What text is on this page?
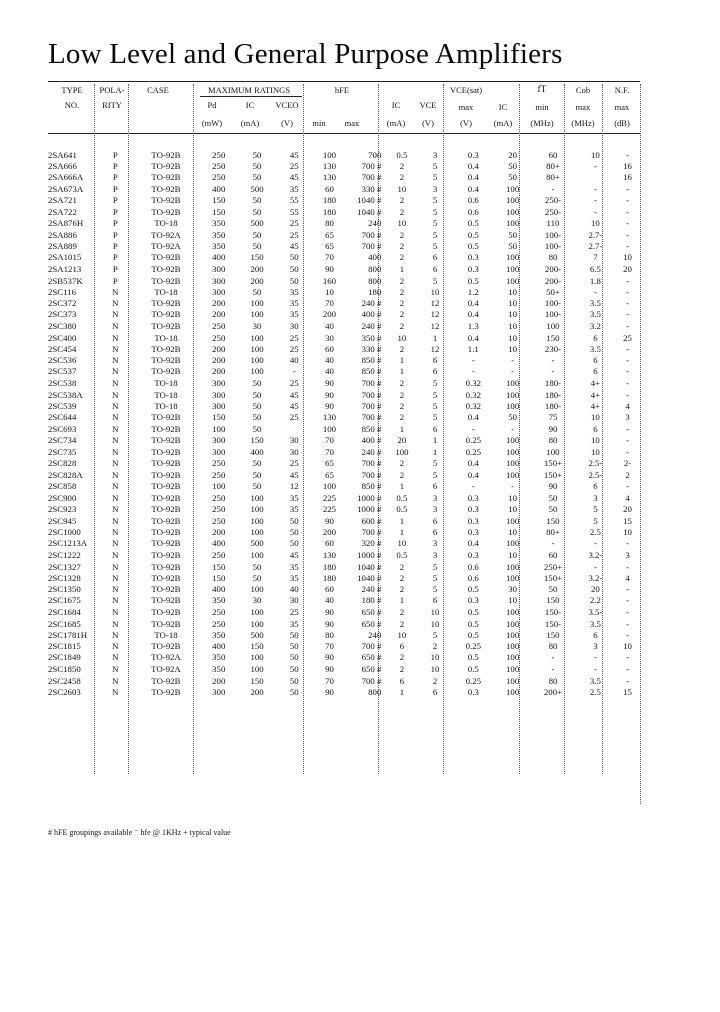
Low Level and General Purpose Amplifiers
TYPE
NO.
POLA-
RITY
CASE	MAXIMUM RATINGS
Pd
(mW)
IC
(mA)
VCEO
(V)
hFE
min	max
IC
(mA)
VCE
(V)
VCE(sat)
max
(V)
IC
(mA)
fT
min
(MHz)
Cob
max
(MHz)
N.F.
max
(dB)
2SA641	P	TO-92B	250	50	45	100	700	0.5	3	0.3	20	60	10	-
2SA666	P	TO-92B	250	50	25	130	700 #	2	5	0.4	50	80+	-	16
2SA666A	P	TO-92B	250	50	45	130	700 #	2	5	0.4	50	80+		16
2SA673A	P	TO-92B	400	500	35	60	330 #	10	3	0.4	100	-	-	-
2SA721	P	TO-92B	150	50	55	180	1040 #	2	5	0.6	100	250-	-	-
2SA722	P	TO-92B	150	50	55	180	1040 #	2	5	0.6	100	250-	-	-
2SA876H	P	TO-18	350	500	25	80	240	10	5	0.5	100	110	10	-
2SA886	P	TO-92A	350	50	25	65	700 #	2	5	0.5	50	100-	2.7-	-
2SA889	P	TO-92A	350	50	45	65	700 #	2	5	0.5	50	100-	2.7-	-
2SA1015	P	TO-92B	400	150	50	70	400	2	6	0.3	100	80	7	10
2SA1213	P	TO-92B	300	200	50	90	800	1	6	0.3	100	200-	6.5	20
2SB537K	P	TO-92B	300	200	50	160	800	2	5	0.5	100	200-	1.8	-
2SC116	N	TO-18	300	50	35	10	180	2	10	1.2	10	50+	-	-
2SC372	N	TO-92B	200	100	35	70	240 #	2	12	0.4	10	100-	3.5	-
2SC373	N	TO-92B	200	100	35	200	400 #	2	12	0.4	10	100-	3.5	-
2SC380	N	TO-92B	250	30	30	40	240 #	2	12	1.3	10	100	3.2	-
2SC400	N	TO-18	250	100	25	30	350 #	10	1	0.4	10	150	6	25
2SC454	N	TO-92B	200	100	25	60	330 #	2	12	1.1	10	230-	3.5	-
2SC536	N	TO-92B	200	100	40	40	850 #	1	6	-	-	-	6	-
2SC537	N	TO-92B	200	100	-	40	850 #	1	6	-	-	-	6	-
2SC538	N	TO-18	300	50	25	90	700 #	2	5	0.32	100	180-	4+	-
2SC538A	N	TO-18	300	50	45	90	700 #	2	5	0.32	100	180-	4+	-
2SC539	N	TO-18	300	50	45	90	700 #	2	5	0.32	100	180-	4+	4
2SC644	N	TO-92B	150	50	25	130	700 #	2	5	0.4	50	75	10	3
2SC693	N	TO-92B	100	50		100	850 #	1	6	-	-	90	6	-
2SC734	N	TO-92B	300	150	30	70	400 #	20	1	0.25	100	80	10	-
2SC735	N	TO-92B	300	400	30	70	240 #	100	1	0.25	100	100	10	-
2SC828	N	TO-92B	250	50	25	65	700 #	2	5	0.4	100	150+	2.5-	2-
2SC828A	N	TO-92B	250	50	45	65	700 #	2	5	0.4	100	150+	2.5-	2
2SC858	N	TO-92B	100	50	12	100	850 #	1	6	-	-	90	6	-
2SC900	N	TO-92B	250	100	35	225	1000 #	0.5	3	0.3	10	50	3	4
2SC923	N	TO-92B	250	100	35	225	1000 #	0.5	3	0.3	10	50	5	20
2SC945	N	TO-92B	250	100	50	90	600 #	1	6	0.3	100	150	5	15
2SC1000	N	TO-92B	200	100	50	200	700 #	1	6	0.3	10	80+	2.5	10
2SC1213A	N	TO-92B	400	500	50	60	320 #	10	3	0.4	100	-	-	-
2SC1222	N	TO-92B	250	100	45	130	1000 #	0.5	3	0.3	10	60	3.2-	3
2SC1327	N	TO-92B	150	50	35	180	1040 #	2	5	0.6	100	250+	-	-
2SC1328	N	TO-92B	150	50	35	180	1040 #	2	5	0.6	100	150+	3.2-	4
2SC1350	N	TO-92B	400	100	40	60	240 #	2	5	0.5	30	50	20	-
2SC1675	N	TO-92B	350	30	30	40	180 #	1	6	0.3	10	150	2.2	-
2SC1684	N	TO-92B	250	100	25	90	650 #	2	10	0.5	100	150-	3.5-	-
2SC1685	N	TO-92B	250	100	35	90	650 #	2	10	0.5	100	150-	3.5	-
2SC1781H	N	TO-18	350	500	50	80	240	10	5	0.5	100	150	6	-
2SC1815	N	TO-92B	400	150	50	70	700 #	6	2	0.25	100	80	3	10
2SC1849	N	TO-92A	350	100	50	90	650 #	2	10	0.5	100	-	-	-
2SC1850	N	TO-92A	350	100	50	90	650 #	2	10	0.5	100	-	-	-
2SC2458	N	TO-92B	200	150	50	70	700 #	6	2	0.25	100	80	3.5	-
2SC2603	N	TO-92B	300	200	50	90	800	1	6	0.3	100	200+	2.5	15
# hFE groupings available ⁻ hfe @ 1KHz + typical value
